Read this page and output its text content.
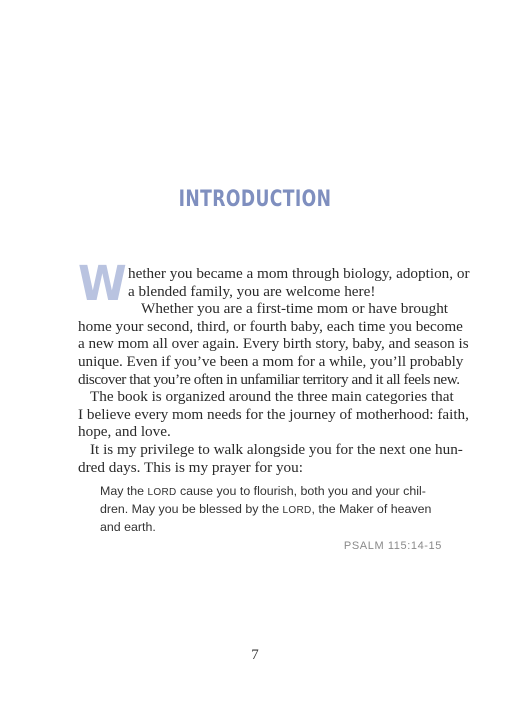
INTRODUCTION
W hether you became a mom through biology, adoption, or
a blended family, you are welcome here!
Whether you are a first-time mom or have brought
home your second, third, or fourth baby, each time you become
a new mom all over again. Every birth story, baby, and season is
unique. Even if you’ve been a mom for a while, you’ll probably
discover that you’re often in unfamiliar territory and it all feels new.
The book is organized around the three main categories that
I believe every mom needs for the journey of motherhood: faith,
hope, and love.
It is my privilege to walk alongside you for the next one hun-
dred days. This is my prayer for you:
May the LORD cause you to flourish, both you and your chil-
dren. May you be blessed by the LORD, the Maker of heaven
and earth.
PSALM 115:14-15
7
